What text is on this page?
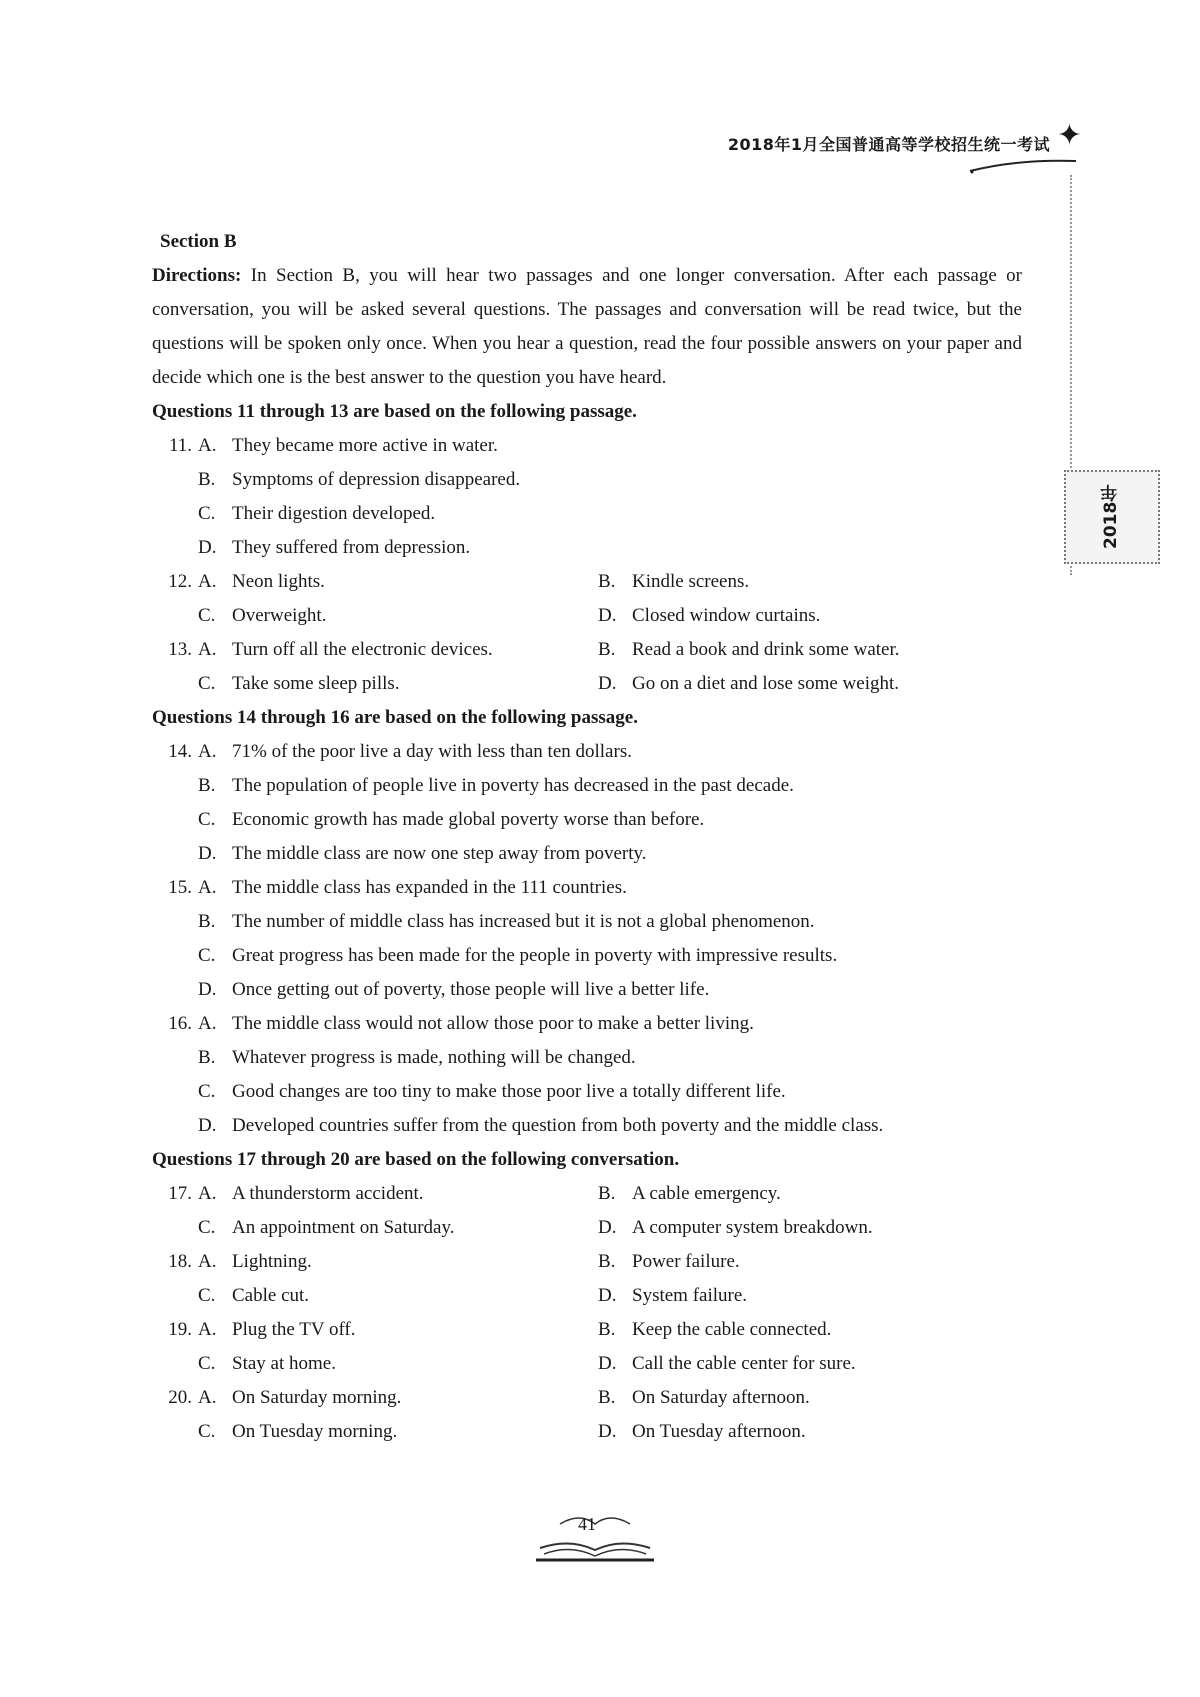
2018年1月全国普通高等学校招生统一考试 ✦
2018年
Section B
Directions: In Section B, you will hear two passages and one longer conversation. After each passage or conversation, you will be asked several questions. The passages and conversation will be read twice, but the questions will be spoken only once. When you hear a question, read the four possible answers on your paper and decide which one is the best answer to the question you have heard.
Questions 11 through 13 are based on the following passage.
11. A. They became more active in water.
B. Symptoms of depression disappeared.
C. Their digestion developed.
D. They suffered from depression.
12. A. Neon lights.	B. Kindle screens.
C. Overweight.	D. Closed window curtains.
13. A. Turn off all the electronic devices.	B. Read a book and drink some water.
C. Take some sleep pills.	D. Go on a diet and lose some weight.
Questions 14 through 16 are based on the following passage.
14. A. 71% of the poor live a day with less than ten dollars.
B. The population of people live in poverty has decreased in the past decade.
C. Economic growth has made global poverty worse than before.
D. The middle class are now one step away from poverty.
15. A. The middle class has expanded in the 111 countries.
B. The number of middle class has increased but it is not a global phenomenon.
C. Great progress has been made for the people in poverty with impressive results.
D. Once getting out of poverty, those people will live a better life.
16. A. The middle class would not allow those poor to make a better living.
B. Whatever progress is made, nothing will be changed.
C. Good changes are too tiny to make those poor live a totally different life.
D. Developed countries suffer from the question from both poverty and the middle class.
Questions 17 through 20 are based on the following conversation.
17. A. A thunderstorm accident.	B. A cable emergency.
C. An appointment on Saturday.	D. A computer system breakdown.
18. A. Lightning.	B. Power failure.
C. Cable cut.	D. System failure.
19. A. Plug the TV off.	B. Keep the cable connected.
C. Stay at home.	D. Call the cable center for sure.
20. A. On Saturday morning.	B. On Saturday afternoon.
C. On Tuesday morning.	D. On Tuesday afternoon.
41
